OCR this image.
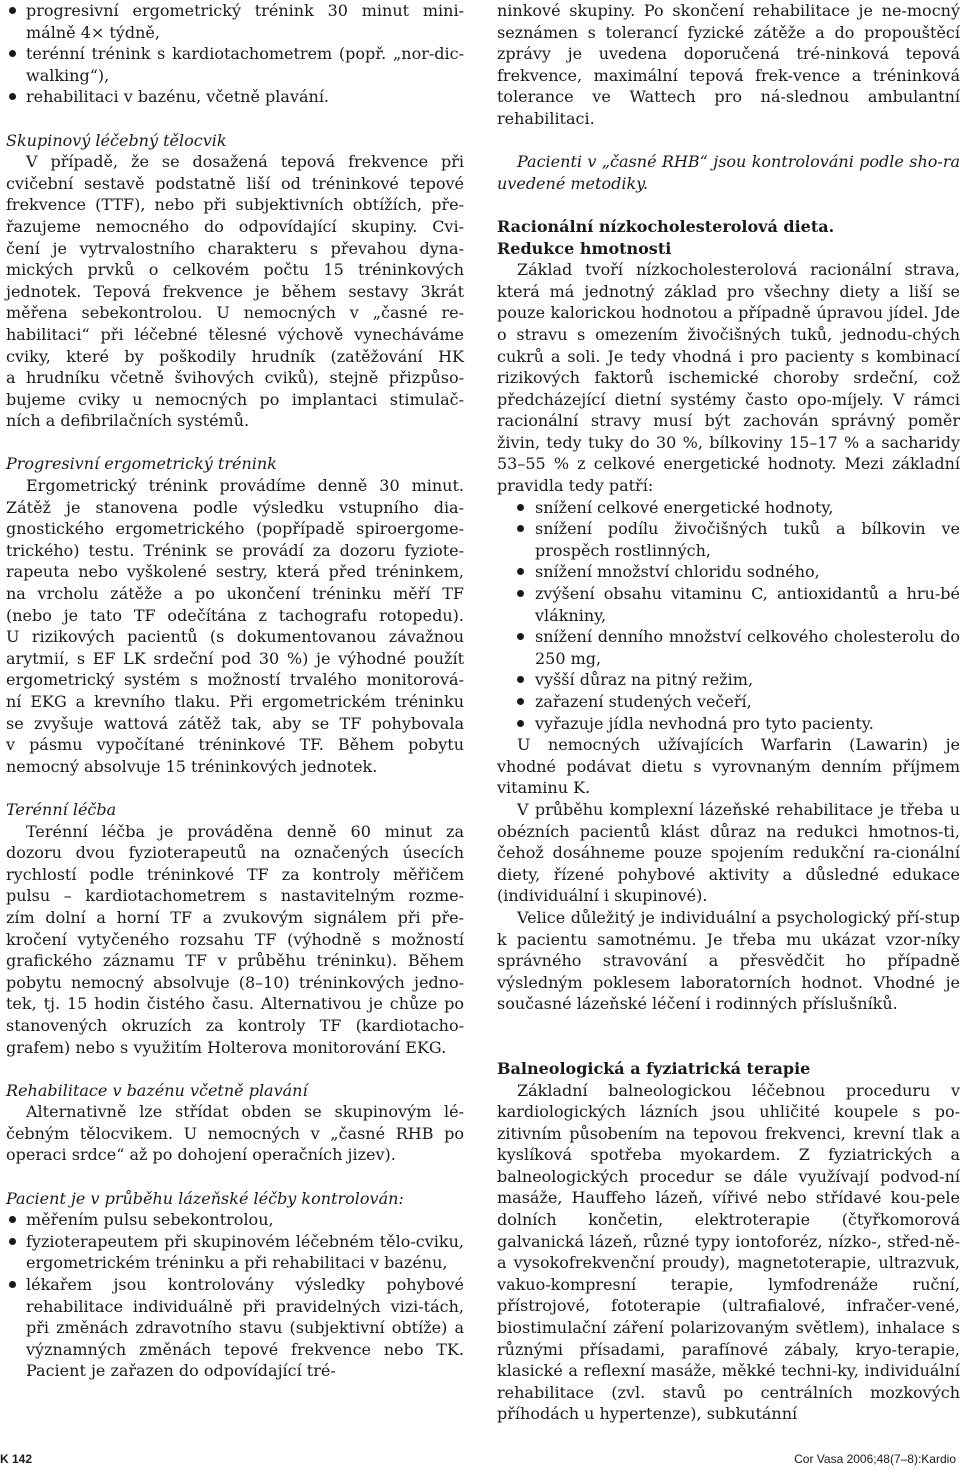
progresivní ergometrický trénink 30 minut mini-málně 4× týdně,
terénní trénink s kardiotachometrem (popř. „nor-dic-walking“),
rehabilitaci v bazénu, včetně plavání.

Skupinový léčebný tělocvik

V případě, že se dosažená tepová frekvence při
cvičební sestavě podstatně liší od tréninkové tepové
frekvence (TTF), nebo při subjektivních obtížích, pře-
řazujeme nemocného do odpovídající skupiny. Cvi-
čení je vytrvalostního charakteru s převahou dyna-
mických prvků o celkovém počtu 15 tréninkových
jednotek. Tepová frekvence je během sestavy 3krát
měřena sebekontrolou. U nemocných v „časné re-
habilitaci“ při léčebné tělesné výchově vynecháváme
cviky, které by poškodily hrudník (zatěžování HK
a hrudníku včetně švihových cviků), stejně přizpůso-
bujeme cviky u nemocných po implantaci stimulač-
ních a defibrilačních systémů.

Progresivní ergometrický trénink

Ergometrický trénink provádíme denně 30 minut.
Zátěž je stanovena podle výsledku vstupního dia-
gnostického ergometrického (popřípadě spiroergome-
trického) testu. Trénink se provádí za dozoru fyziote-
rapeuta nebo vyškolené sestry, která před tréninkem,
na vrcholu zátěže a po ukončení tréninku měří TF
(nebo je tato TF odečítána z tachografu rotopedu).
U rizikových pacientů (s dokumentovanou závažnou
arytmií, s EF LK srdeční pod 30 %) je výhodné použít
ergometrický systém s možností trvalého monitorová-
ní EKG a krevního tlaku. Při ergometrickém tréninku
se zvyšuje wattová zátěž tak, aby se TF pohybovala
v pásmu vypočítané tréninkové TF. Během pobytu
nemocný absolvuje 15 tréninkových jednotek.

Terénní léčba

Terénní léčba je prováděna denně 60 minut za
dozoru dvou fyzioterapeutů na označených úsecích
rychlostí podle tréninkové TF za kontroly měřičem
pulsu – kardiotachometrem s nastavitelným rozme-
zím dolní a horní TF a zvukovým signálem při pře-
kročení vytyčeného rozsahu TF (výhodně s možností
grafického záznamu TF v průběhu tréninku). Během
pobytu nemocný absolvuje (8–10) tréninkových jedno-
tek, tj. 15 hodin čistého času. Alternativou je chůze po
stanovených okruzích za kontroly TF (kardiotacho-
grafem) nebo s využitím Holterova monitorování EKG.

Rehabilitace v bazénu včetně plavání

Alternativně lze střídat obden se skupinovým lé-
čebným tělocvikem. U nemocných v „časné RHB po
operaci srdce“ až po dohojení operačních jizev).

Pacient je v průběhu lázeňské léčby kontrolován:

měřením pulsu sebekontrolou,
fyzioterapeutem při skupinovém léčebném tělo-cviku, ergometrickém tréninku a při rehabilitaci v bazénu,
lékařem jsou kontrolovány výsledky pohybové rehabilitace individuálně při pravidelných vizi-tách, při změnách zdravotního stavu (subjektivní obtíže) a významných změnách tepové frekvence nebo TK. Pacient je zařazen do odpovídající tré-

ninkové skupiny. Po skončení rehabilitace je ne-mocný seznámen s tolerancí fyzické zátěže a do propouštěcí zprávy je uvedena doporučená tré-ninková tepová frekvence, maximální tepová frek-vence a tréninková tolerance ve Wattech pro ná-slednou ambulantní rehabilitaci.

Pacienti v „časné RHB“ jsou kontrolováni podle sho-ra uvedené metodiky.

Racionální nízkocholesterolová dieta.

Redukce hmotnosti

Základ tvoří nízkocholesterolová racionální strava, která má jednotný základ pro všechny diety a liší se pouze kalorickou hodnotou a případně úpravou jídel. Jde o stravu s omezením živočišných tuků, jednodu-chých cukrů a soli. Je tedy vhodná i pro pacienty s kombinací rizikových faktorů ischemické choroby srdeční, což předcházející dietní systémy často opo-míjely. V rámci racionální stravy musí být zachován správný poměr živin, tedy tuky do 30 %, bílkoviny 15–17 % a sacharidy 53–55 % z celkové energetické hodnoty. Mezi základní pravidla tedy patří:

snížení celkové energetické hodnoty,
snížení podílu živočišných tuků a bílkovin ve prospěch rostlinných,
snížení množství chloridu sodného,
zvýšení obsahu vitaminu C, antioxidantů a hru-bé vlákniny,
snížení denního množství celkového cholesterolu do 250 mg,
vyšší důraz na pitný režim,
zařazení studených večeří,
vyřazuje jídla nevhodná pro tyto pacienty.

U nemocných užívajících Warfarin (Lawarin) je vhodné podávat dietu s vyrovnaným denním příjmem vitaminu K.

V průběhu komplexní lázeňské rehabilitace je třeba u obézních pacientů klást důraz na redukci hmotnos-ti, čehož dosáhneme pouze spojením redukční ra-cionální diety, řízené pohybové aktivity a důsledné edukace (individuální i skupinové).

Velice důležitý je individuální a psychologický pří-stup k pacientu samotnému. Je třeba mu ukázat vzor-níky správného stravování a přesvědčit ho případně výsledným poklesem laboratorních hodnot. Vhodné je současné lázeňské léčení i rodinných příslušníků.

Balneologická a fyziatrická terapie

Základní balneologickou léčebnou proceduru v kardiologických lázních jsou uhličité koupele s po-zitivním působením na tepovou frekvenci, krevní tlak a kyslíková spotřeba myokardem. Z fyziatrických a balneologických procedur se dále využívají podvod-ní masáže, Hauffeho lázeň, vířivé nebo střídavé kou-pele dolních končetin, elektroterapie (čtyřkomorová galvanická lázeň, různé typy iontoforéz, nízko-, střed-ně- a vysokofrekvenční proudy), magnetoterapie, ultrazvuk, vakuo-kompresní terapie, lymfodrenáže ruční, přístrojové, fototerapie (ultrafialové, infračer-vené, biostimulační záření polarizovaným světlem), inhalace s různými přísadami, parafínové zábaly, kryo-terapie, klasické a reflexní masáže, měkké techni-ky, individuální rehabilitace (zvl. stavů po centrálních mozkových příhodách u hypertenze), subkutánní

K 142	Cor Vasa 2006;48(7–8):Kardio
